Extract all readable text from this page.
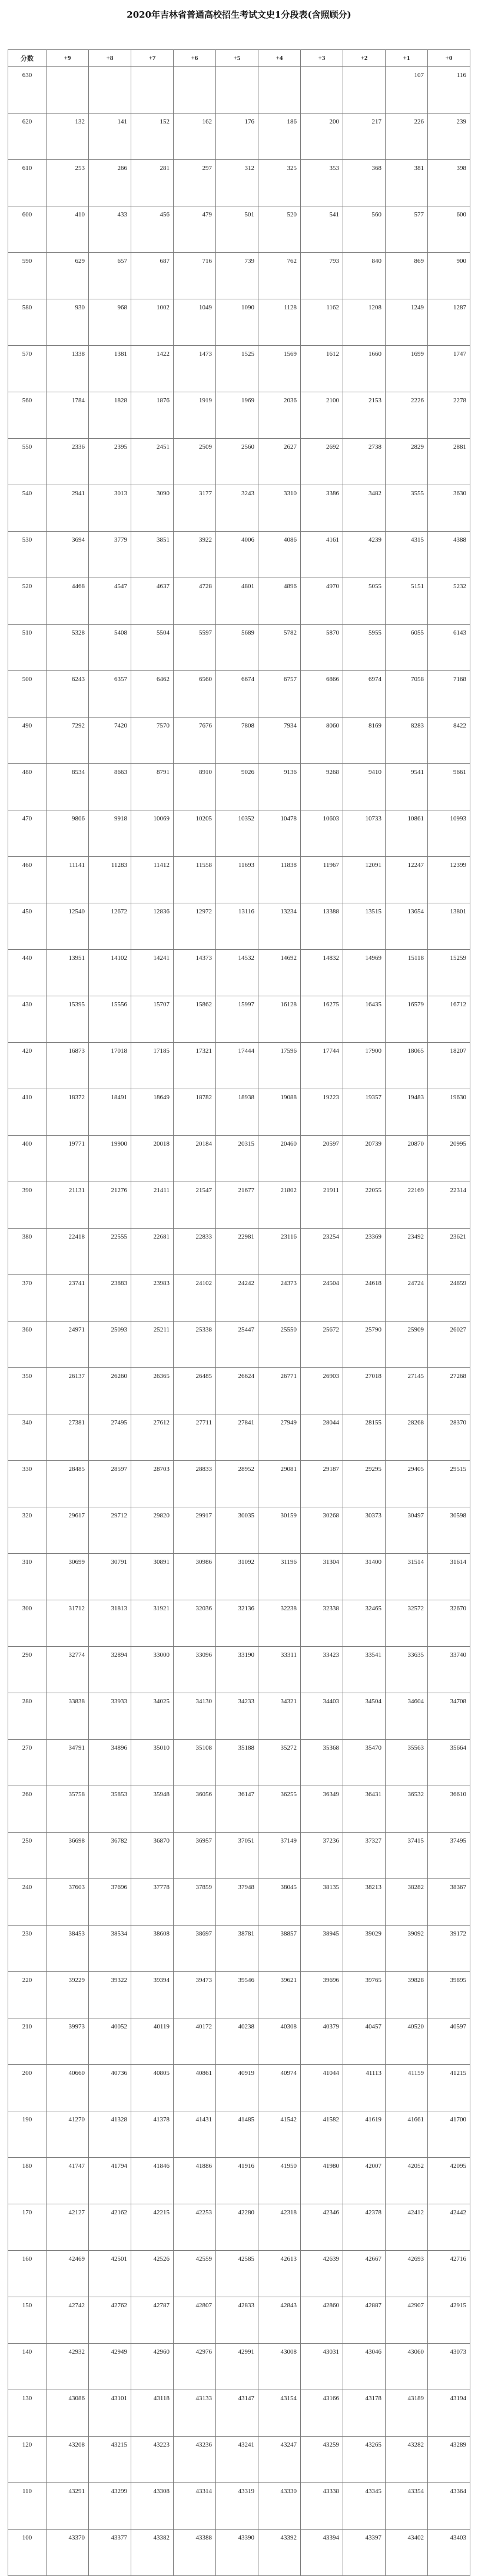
2020年吉林省普通高校招生考试文史1分段表(含照顾分)
分数	+9	+8	+7	+6	+5	+4	+3	+2	+1	+0
630									107	116
620	132	141	152	162	176	186	200	217	226	239
610	253	266	281	297	312	325	353	368	381	398
600	410	433	456	479	501	520	541	560	577	600
590	629	657	687	716	739	762	793	840	869	900
580	930	968	1002	1049	1090	1128	1162	1208	1249	1287
570	1338	1381	1422	1473	1525	1569	1612	1660	1699	1747
560	1784	1828	1876	1919	1969	2036	2100	2153	2226	2278
550	2336	2395	2451	2509	2560	2627	2692	2738	2829	2881
540	2941	3013	3090	3177	3243	3310	3386	3482	3555	3630
530	3694	3779	3851	3922	4006	4086	4161	4239	4315	4388
520	4468	4547	4637	4728	4801	4896	4970	5055	5151	5232
510	5328	5408	5504	5597	5689	5782	5870	5955	6055	6143
500	6243	6357	6462	6560	6674	6757	6866	6974	7058	7168
490	7292	7420	7570	7676	7808	7934	8060	8169	8283	8422
480	8534	8663	8791	8910	9026	9136	9268	9410	9541	9661
470	9806	9918	10069	10205	10352	10478	10603	10733	10861	10993
460	11141	11283	11412	11558	11693	11838	11967	12091	12247	12399
450	12540	12672	12836	12972	13116	13234	13388	13515	13654	13801
440	13951	14102	14241	14373	14532	14692	14832	14969	15118	15259
430	15395	15556	15707	15862	15997	16128	16275	16435	16579	16712
420	16873	17018	17185	17321	17444	17596	17744	17900	18065	18207
410	18372	18491	18649	18782	18938	19088	19223	19357	19483	19630
400	19771	19900	20018	20184	20315	20460	20597	20739	20870	20995
390	21131	21276	21411	21547	21677	21802	21911	22055	22169	22314
380	22418	22555	22681	22833	22981	23116	23254	23369	23492	23621
370	23741	23883	23983	24102	24242	24373	24504	24618	24724	24859
360	24971	25093	25211	25338	25447	25550	25672	25790	25909	26027
350	26137	26260	26365	26485	26624	26771	26903	27018	27145	27268
340	27381	27495	27612	27711	27841	27949	28044	28155	28268	28370
330	28485	28597	28703	28833	28952	29081	29187	29295	29405	29515
320	29617	29712	29820	29917	30035	30159	30268	30373	30497	30598
310	30699	30791	30891	30986	31092	31196	31304	31400	31514	31614
300	31712	31813	31921	32036	32136	32238	32338	32465	32572	32670
290	32774	32894	33000	33096	33190	33311	33423	33541	33635	33740
280	33838	33933	34025	34130	34233	34321	34403	34504	34604	34708
270	34791	34896	35010	35108	35188	35272	35368	35470	35563	35664
260	35758	35853	35948	36056	36147	36255	36349	36431	36532	36610
250	36698	36782	36870	36957	37051	37149	37236	37327	37415	37495
240	37603	37696	37778	37859	37948	38045	38135	38213	38282	38367
230	38453	38534	38608	38697	38781	38857	38945	39029	39092	39172
220	39229	39322	39394	39473	39546	39621	39696	39765	39828	39895
210	39973	40052	40119	40172	40238	40308	40379	40457	40520	40597
200	40660	40736	40805	40861	40919	40974	41044	41113	41159	41215
190	41270	41328	41378	41431	41485	41542	41582	41619	41661	41700
180	41747	41794	41846	41886	41916	41950	41980	42007	42052	42095
170	42127	42162	42215	42253	42280	42318	42346	42378	42412	42442
160	42469	42501	42526	42559	42585	42613	42639	42667	42693	42716
150	42742	42762	42787	42807	42833	42843	42860	42887	42907	42915
140	42932	42949	42960	42976	42991	43008	43031	43046	43060	43073
130	43086	43101	43118	43133	43147	43154	43166	43178	43189	43194
120	43208	43215	43223	43236	43241	43247	43259	43265	43282	43289
110	43291	43299	43308	43314	43319	43330	43338	43345	43354	43364
100	43370	43377	43382	43388	43390	43392	43394	43397	43402	43403
